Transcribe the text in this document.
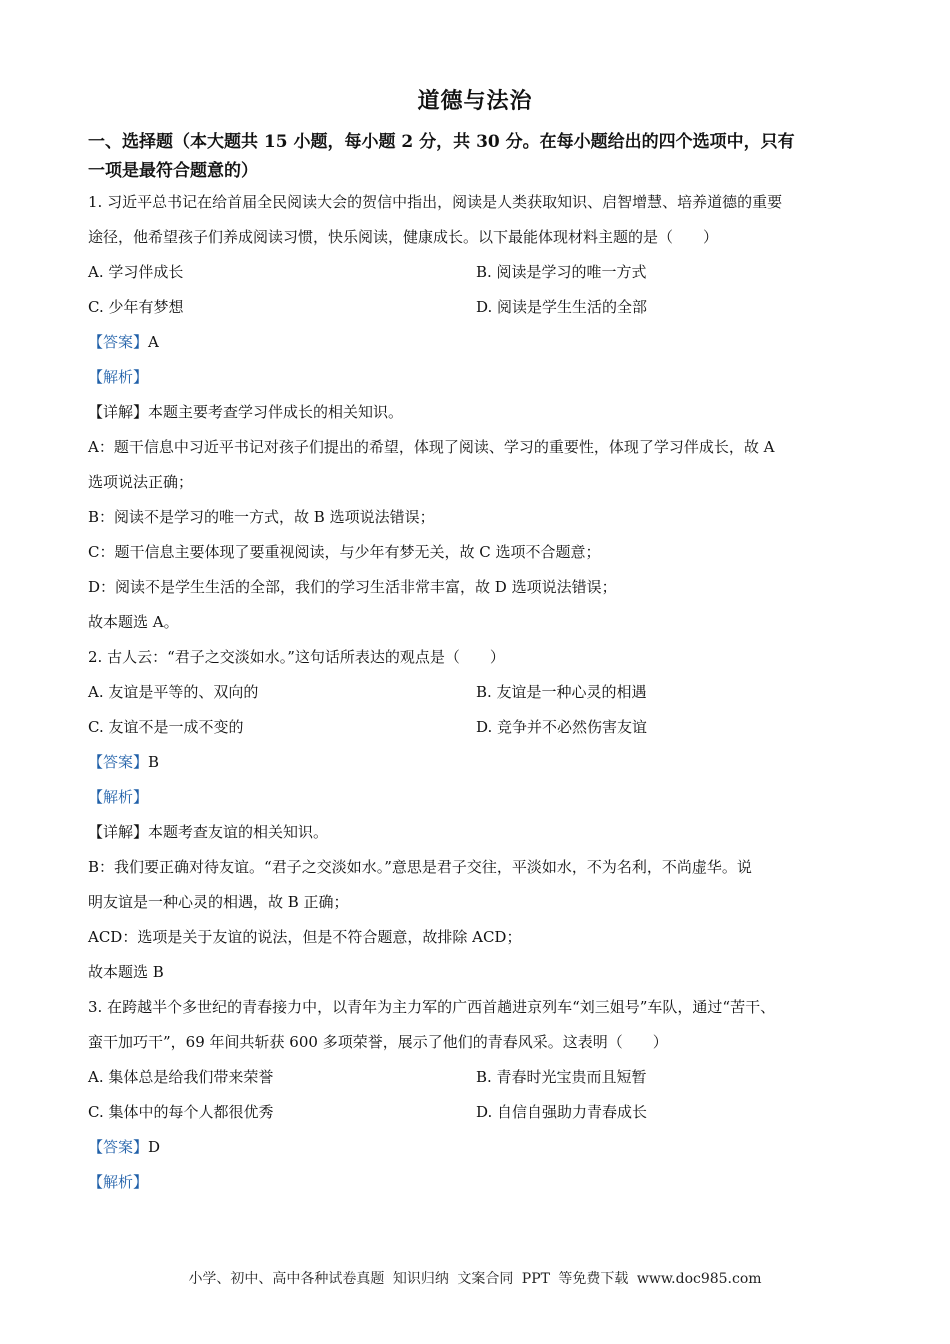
道德与法治
一、选择题（本大题共 15 小题，每小题 2 分，共 30 分。在每小题给出的四个选项中，只有
一项是最符合题意的）
1. 习近平总书记在给首届全民阅读大会的贺信中指出，阅读是人类获取知识、启智增慧、培养道德的重要
途径，他希望孩子们养成阅读习惯，快乐阅读，健康成长。以下最能体现材料主题的是（　　）
A. 学习伴成长	B. 阅读是学习的唯一方式
C. 少年有梦想	D. 阅读是学生生活的全部
【答案】A
【解析】
【详解】本题主要考查学习伴成长的相关知识。
A：题干信息中习近平书记对孩子们提出的希望，体现了阅读、学习的重要性，体现了学习伴成长，故 A
选项说法正确；
B：阅读不是学习的唯一方式，故 B 选项说法错误；
C：题干信息主要体现了要重视阅读，与少年有梦无关，故 C 选项不合题意；
D：阅读不是学生生活的全部，我们的学习生活非常丰富，故 D 选项说法错误；
故本题选 A。
2. 古人云：“君子之交淡如水。”这句话所表达的观点是（　　）
A. 友谊是平等的、双向的	B. 友谊是一种心灵的相遇
C. 友谊不是一成不变的	D. 竞争并不必然伤害友谊
【答案】B
【解析】
【详解】本题考查友谊的相关知识。
B：我们要正确对待友谊。“君子之交淡如水。”意思是君子交往，平淡如水，不为名利，不尚虚华。说
明友谊是一种心灵的相遇，故 B 正确；
ACD：选项是关于友谊的说法，但是不符合题意，故排除 ACD；
故本题选 B
3. 在跨越半个多世纪的青春接力中，以青年为主力军的广西首趟进京列车“刘三姐号”车队，通过“苦干、
蛮干加巧干”，69 年间共斩获 600 多项荣誉，展示了他们的青春风采。这表明（　　）
A. 集体总是给我们带来荣誉	B. 青春时光宝贵而且短暂
C. 集体中的每个人都很优秀	D. 自信自强助力青春成长
【答案】D
【解析】
小学、初中、高中各种试卷真题 知识归纳 文案合同 PPT 等免费下载 www.doc985.com
